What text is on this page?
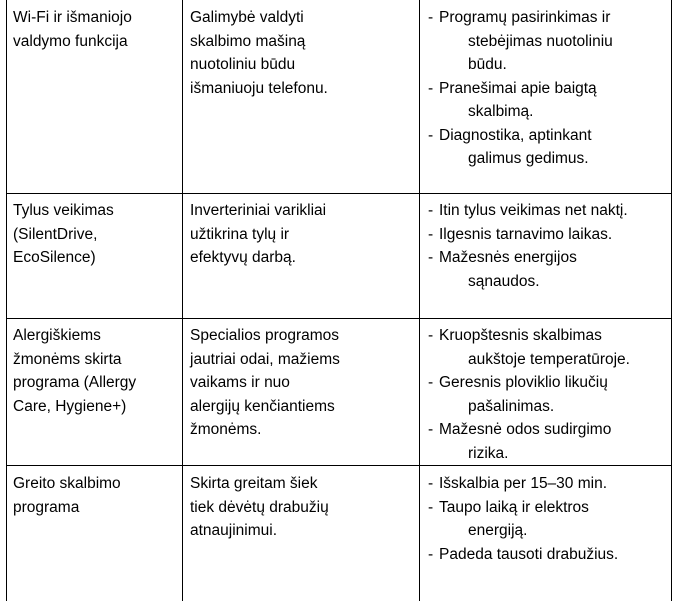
Wi-Fi ir išmaniojo
valdymo funkcija
Galimybė valdyti
skalbimo mašiną
nuotoliniu būdu
išmaniuoju telefonu.
- Programų pasirinkimas ir
stebėjimas nuotoliniu
būdu.
- Pranešimai apie baigtą
skalbimą.
- Diagnostika, aptinkant
galimus gedimus.
Tylus veikimas
(SilentDrive,
EcoSilence)
Inverteriniai varikliai
užtikrina tylų ir
efektyvų darbą.
- Itin tylus veikimas net naktį.
- Ilgesnis tarnavimo laikas.
- Mažesnės energijos
sąnaudos.
Alergiškiems
žmonėms skirta
programa (Allergy
Care, Hygiene+)
Specialios programos
jautriai odai, mažiems
vaikams ir nuo
alergijų kenčiantiems
žmonėms.
- Kruopštesnis skalbimas
aukštoje temperatūroje.
- Geresnis ploviklio likučių
pašalinimas.
- Mažesnė odos sudirgimo
rizika.
Greito skalbimo
programa
Skirta greitam šiek
tiek dėvėtų drabužių
atnaujinimui.
- Išskalbia per 15–30 min.
- Taupo laiką ir elektros
energiją.
- Padeda tausoti drabužius.
